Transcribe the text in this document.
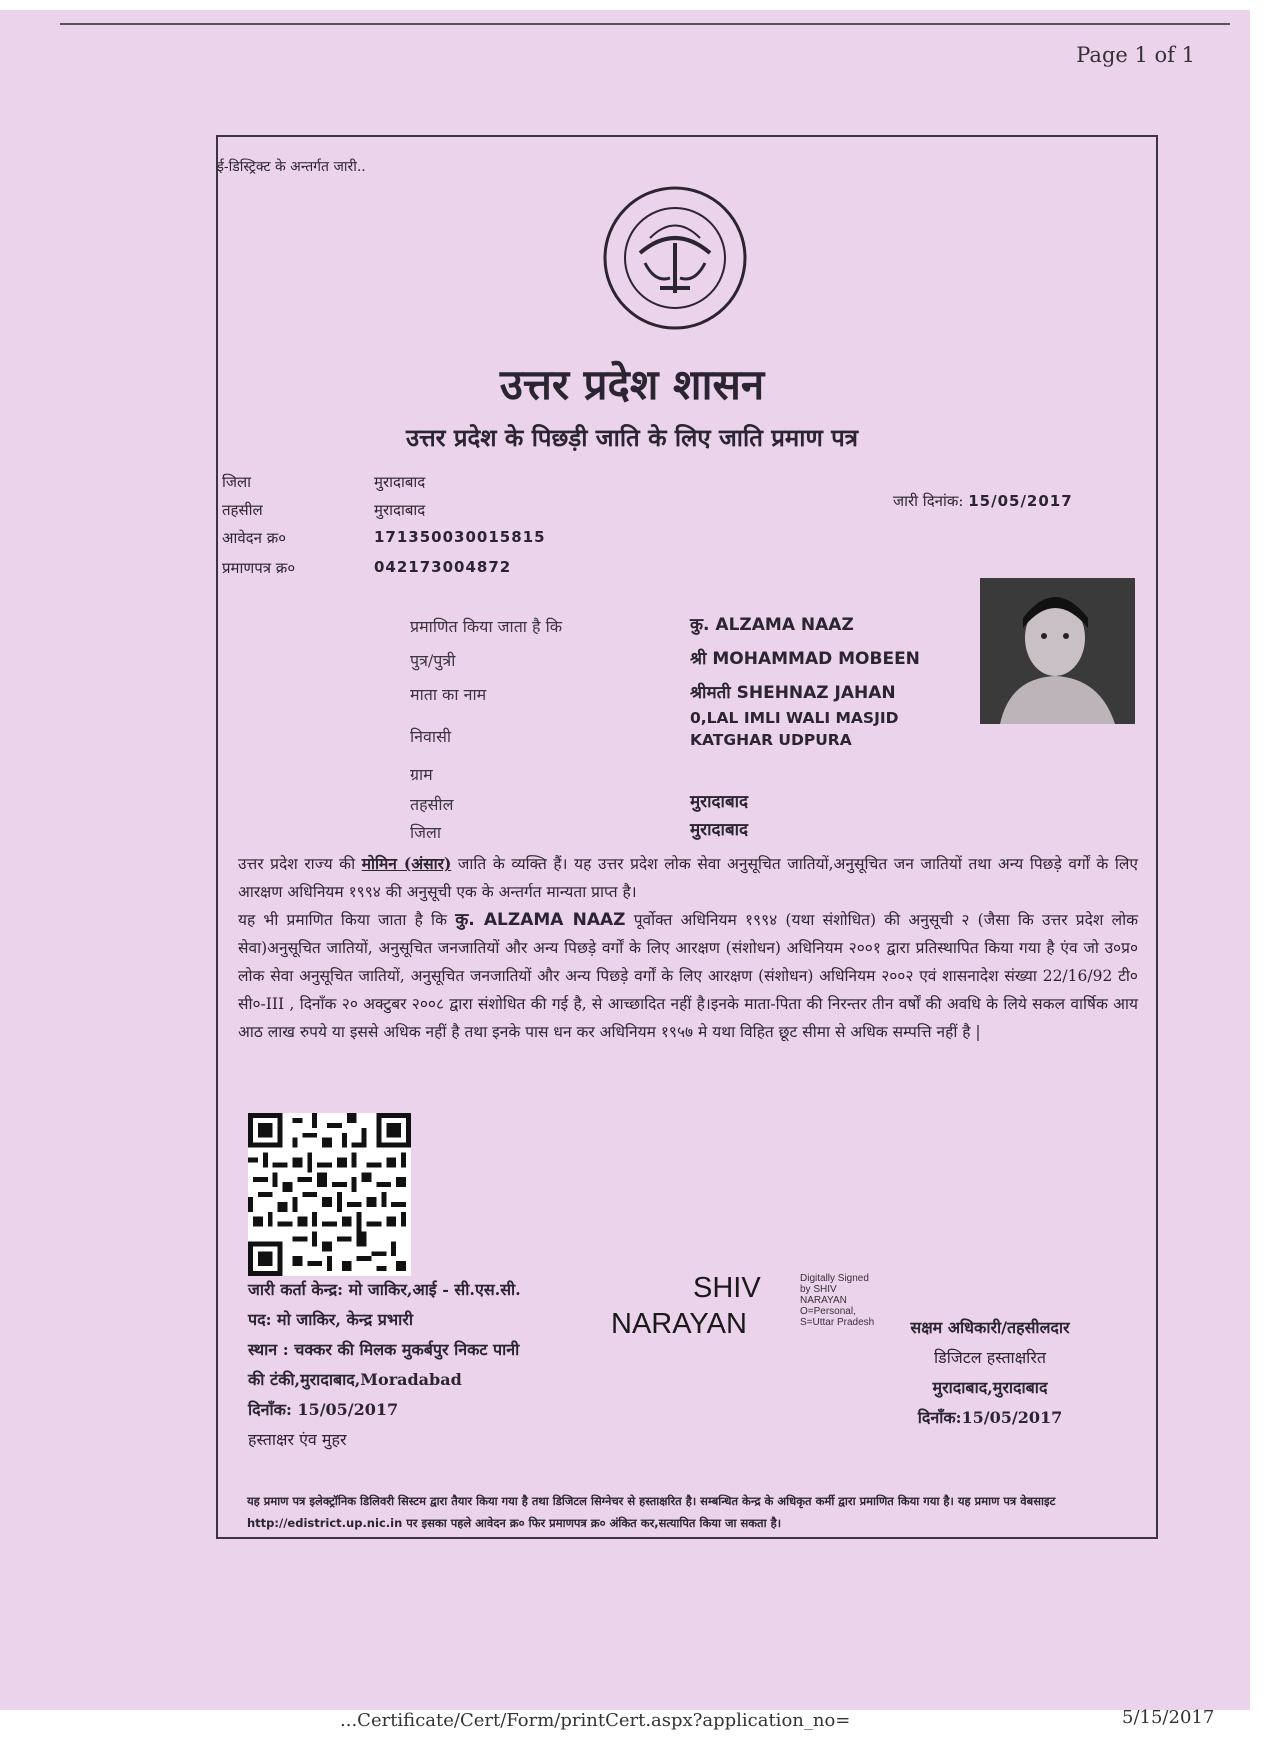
Page 1 of 1
ई-डिस्ट्रिक्ट के अन्तर्गत जारी..
उत्तर प्रदेश शासन
उत्तर प्रदेश के पिछड़ी जाति के लिए जाति प्रमाण पत्र
जिला	मुरादाबाद
तहसील	मुरादाबाद
आवेदन क्र०	171350030015815
प्रमाणपत्र क्र०	042173004872
जारी दिनांक: 15/05/2017
प्रमाणित किया जाता है कि	कु. ALZAMA NAAZ
पुत्र/पुत्री	श्री MOHAMMAD MOBEEN
माता का नाम	श्रीमती SHEHNAZ JAHAN
निवासी
0,LAL IMLI WALI MASJID
KATGHAR UDPURA
ग्राम
तहसील	मुरादाबाद
जिला	मुरादाबाद
उत्तर प्रदेश राज्य की मोमिन (अंसार) जाति के व्यक्ति हैं। यह उत्तर प्रदेश लोक सेवा अनुसूचित जातियों,अनुसूचित जन जातियों तथा अन्य पिछड़े वर्गों के लिए आरक्षण अधिनियम १९९४ की अनुसूची एक के अन्तर्गत मान्यता प्राप्त है।
यह भी प्रमाणित किया जाता है कि कु. ALZAMA NAAZ पूर्वोक्त अधिनियम १९९४ (यथा संशोधित) की अनुसूची २ (जैसा कि उत्तर प्रदेश लोक सेवा)अनुसूचित जातियों, अनुसूचित जनजातियों और अन्य पिछड़े वर्गों के लिए आरक्षण (संशोधन) अधिनियम २००१ द्वारा प्रतिस्थापित किया गया है एंव जो उ०प्र० लोक सेवा अनुसूचित जातियों, अनुसूचित जनजातियों और अन्य पिछड़े वर्गों के लिए आरक्षण (संशोधन) अधिनियम २००२ एवं शासनादेश संख्या 22/16/92 टी० सी०-III , दिनाँक २० अक्टुबर २००८ द्वारा संशोधित की गई है, से आच्छादित नहीं है।इनके माता-पिता की निरन्तर तीन वर्षों की अवधि के लिये सकल वार्षिक आय आठ लाख रुपये या इससे अधिक नहीं है तथा इनके पास धन कर अधिनियम १९५७ मे यथा विहित छूट सीमा से अधिक सम्पत्ति नहीं है |
जारी कर्ता केन्द्र: मो जाकिर,आई - सी.एस.सी.
पद: मो जाकिर, केन्द्र प्रभारी
स्थान : चक्कर की मिलक मुकर्बपुर निकट पानी
की टंकी,मुरादाबाद,Moradabad
दिनाँक: 15/05/2017
हस्ताक्षर एंव मुहर
SHIV
NARAYAN
Digitally Signed
by SHIV
NARAYAN
O=Personal,
S=Uttar Pradesh	सक्षम अधिकारी/तहसीलदार
डिजिटल हस्ताक्षरित
मुरादाबाद,मुरादाबाद
दिनाँक:15/05/2017
यह प्रमाण पत्र इलेक्ट्रॉनिक डिलिवरी सिस्टम द्वारा तैयार किया गया है तथा डिजिटल सिग्नेचर से हस्ताक्षरित है। सम्बन्धित केन्द्र के अधिकृत कर्मी द्वारा प्रमाणित किया गया है। यह प्रमाण पत्र वेबसाइट http://edistrict.up.nic.in पर इसका पहले आवेदन क्र० फिर प्रमाणपत्र क्र० अंकित कर,सत्यापित किया जा सकता है।
...Certificate/Cert/Form/printCert.aspx?application_no=	5/15/2017
